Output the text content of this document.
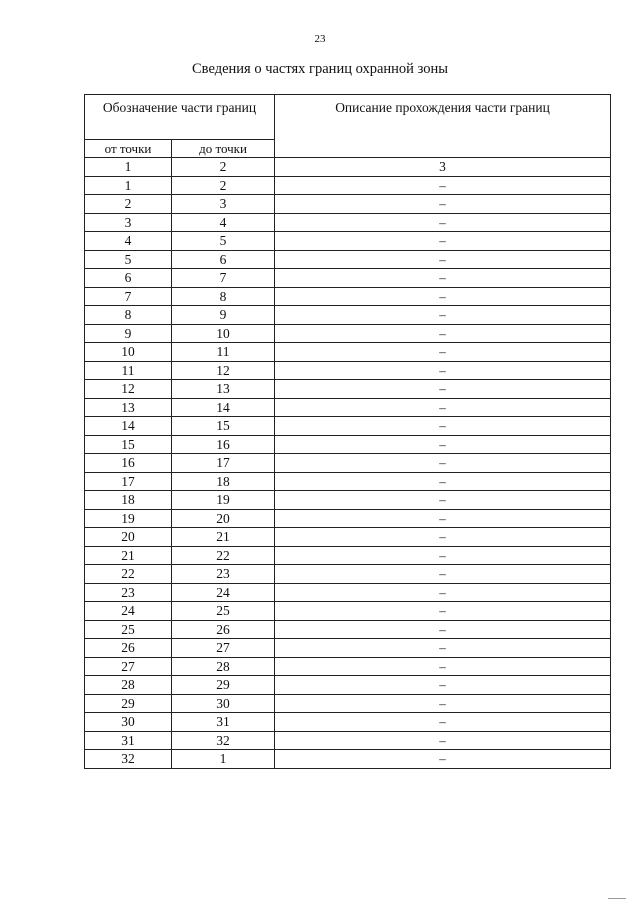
23
Сведения о частях границ охранной зоны
Обозначение части границ		Описание прохождения части границ
от точки	до точки	
1	2	3
1	2	–
2	3	–
3	4	–
4	5	–
5	6	–
6	7	–
7	8	–
8	9	–
9	10	–
10	11	–
11	12	–
12	13	–
13	14	–
14	15	–
15	16	–
16	17	–
17	18	–
18	19	–
19	20	–
20	21	–
21	22	–
22	23	–
23	24	–
24	25	–
25	26	–
26	27	–
27	28	–
28	29	–
29	30	–
30	31	–
31	32	–
32	1	–
